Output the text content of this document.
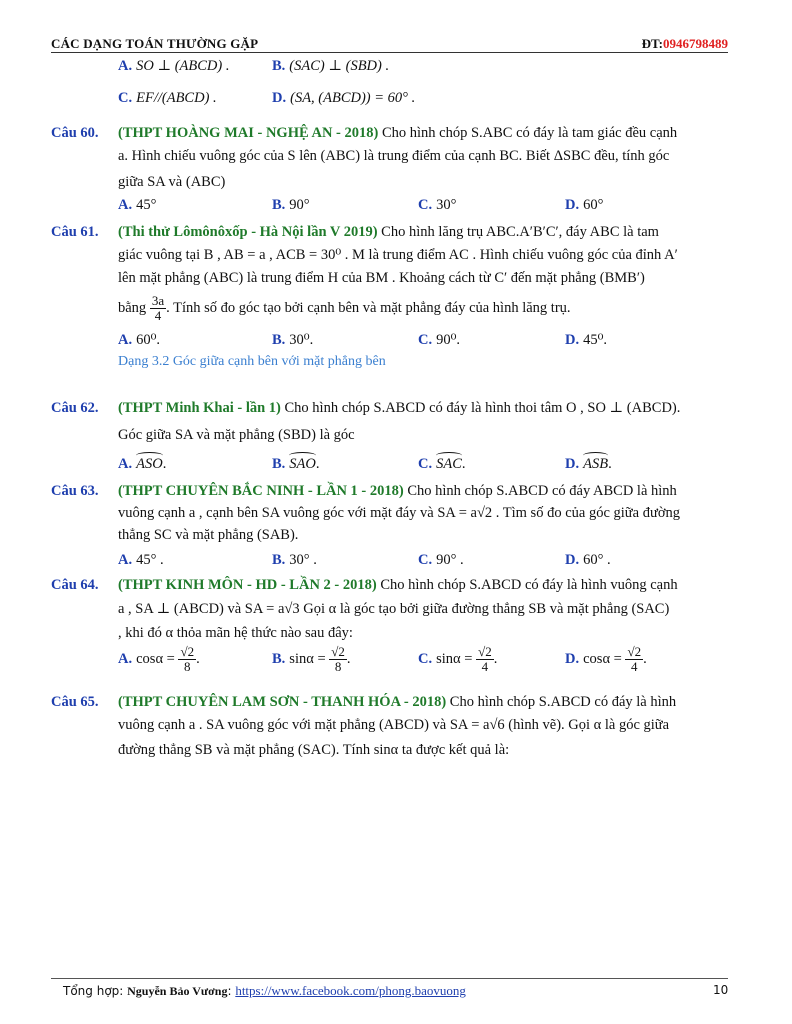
CÁC DẠNG TOÁN THƯỜNG GẶP	ĐT:0946798489
A. SO ⊥ (ABCD) .	B. (SAC) ⊥ (SBD) .
C. EF//(ABCD) .	D. (SA, (ABCD)) = 60° .
Câu 60. (THPT HOÀNG MAI - NGHỆ AN - 2018) Cho hình chóp S.ABC có đáy là tam giác đều cạnh
a. Hình chiếu vuông góc của S lên (ABC) là trung điểm của cạnh BC. Biết ΔSBC đều, tính góc
giữa SA và (ABC)
A. 45°	B. 90°	C. 30°	D. 60°
Câu 61. (Thi thử Lômônôxốp - Hà Nội lần V 2019) Cho hình lăng trụ ABC.A′B′C′, đáy ABC là tam
giác vuông tại B , AB = a , ACB = 30⁰ . M là trung điểm AC . Hình chiếu vuông góc của đỉnh A′
lên mặt phẳng (ABC) là trung điểm H của BM . Khoảng cách từ C′ đến mặt phẳng (BMB′)
bằng $\frac{3a}{4}$ . Tính số đo góc tạo bởi cạnh bên và mặt phẳng đáy của hình lăng trụ.
A. 60⁰.	B. 30⁰.	C. 90⁰.	D. 45⁰.
Dạng 3.2 Góc giữa cạnh bên với mặt phẳng bên
Câu 62. (THPT Minh Khai - lần 1) Cho hình chóp S.ABCD có đáy là hình thoi tâm O , SO ⊥ (ABCD).
Góc giữa SA và mặt phẳng (SBD) là góc
A. ASO.	B. SAO.	C. SAC.	D. ASB.
Câu 63. (THPT CHUYÊN BẮC NINH - LẦN 1 - 2018) Cho hình chóp S.ABCD có đáy ABCD là hình
vuông cạnh a , cạnh bên SA vuông góc với mặt đáy và SA = a√2 . Tìm số đo của góc giữa đường
thẳng SC và mặt phẳng (SAB).
A. 45° .	B. 30° .	C. 90° .	D. 60° .
Câu 64. (THPT KINH MÔN - HD - LẦN 2 - 2018) Cho hình chóp S.ABCD có đáy là hình vuông cạnh
a , SA ⊥ (ABCD) và SA = a√3 Gọi α là góc tạo bởi giữa đường thẳng SB và mặt phẳng (SAC)
, khi đó α thỏa mãn hệ thức nào sau đây:
A. $\cos\alpha = \frac{√2}{8}$ .	B. $\sin\alpha = \frac{√2}{8}$ .	C. $\sin\alpha = \frac{√2}{4}$ .	D. $\cos\alpha = \frac{√2}{4}$ .
Câu 65. (THPT CHUYÊN LAM SƠN - THANH HÓA - 2018) Cho hình chóp S.ABCD có đáy là hình
vuông cạnh a . SA vuông góc với mặt phẳng (ABCD) và SA = a√6 (hình vẽ). Gọi α là góc giữa
đường thẳng SB và mặt phẳng (SAC). Tính sinα ta được kết quả là:
Tổng hợp: Nguyễn Bảo Vương: https://www.facebook.com/phong.baovuong	10
